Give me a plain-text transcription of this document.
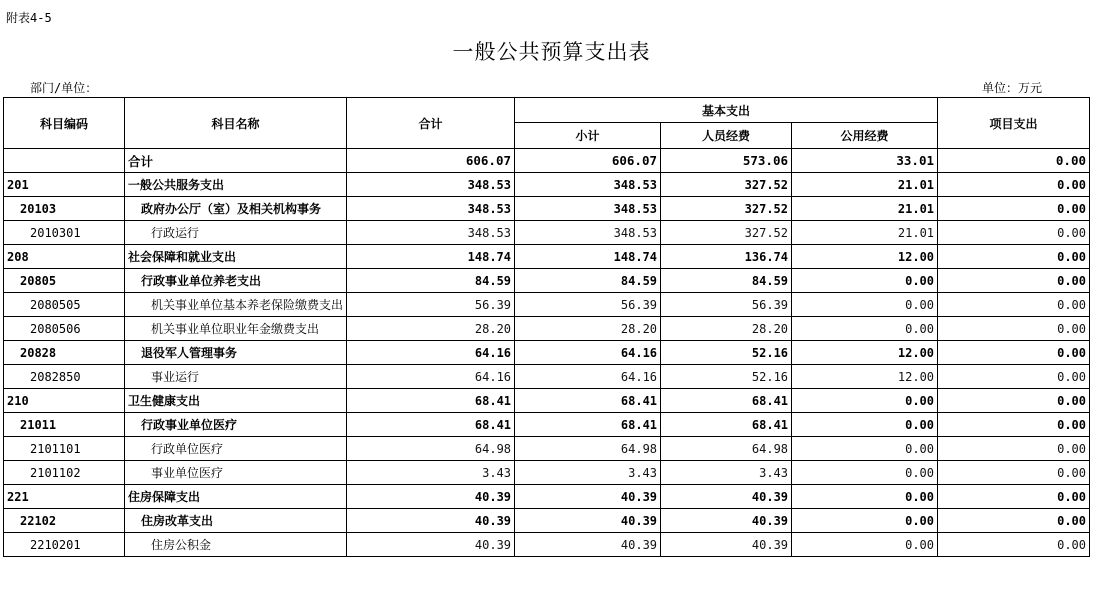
附表4-5
一般公共预算支出表
部门/单位：	单位：万元
科目编码	科目名称	合计	基本支出			项目支出
			小计	人员经费	公用经费	
	合计	606.07	606.07	573.06	33.01	0.00
201	一般公共服务支出	348.53	348.53	327.52	21.01	0.00
20103	政府办公厅（室）及相关机构事务	348.53	348.53	327.52	21.01	0.00
2010301	行政运行	348.53	348.53	327.52	21.01	0.00
208	社会保障和就业支出	148.74	148.74	136.74	12.00	0.00
20805	行政事业单位养老支出	84.59	84.59	84.59	0.00	0.00
2080505	机关事业单位基本养老保险缴费支出	56.39	56.39	56.39	0.00	0.00
2080506	机关事业单位职业年金缴费支出	28.20	28.20	28.20	0.00	0.00
20828	退役军人管理事务	64.16	64.16	52.16	12.00	0.00
2082850	事业运行	64.16	64.16	52.16	12.00	0.00
210	卫生健康支出	68.41	68.41	68.41	0.00	0.00
21011	行政事业单位医疗	68.41	68.41	68.41	0.00	0.00
2101101	行政单位医疗	64.98	64.98	64.98	0.00	0.00
2101102	事业单位医疗	3.43	3.43	3.43	0.00	0.00
221	住房保障支出	40.39	40.39	40.39	0.00	0.00
22102	住房改革支出	40.39	40.39	40.39	0.00	0.00
2210201	住房公积金	40.39	40.39	40.39	0.00	0.00
